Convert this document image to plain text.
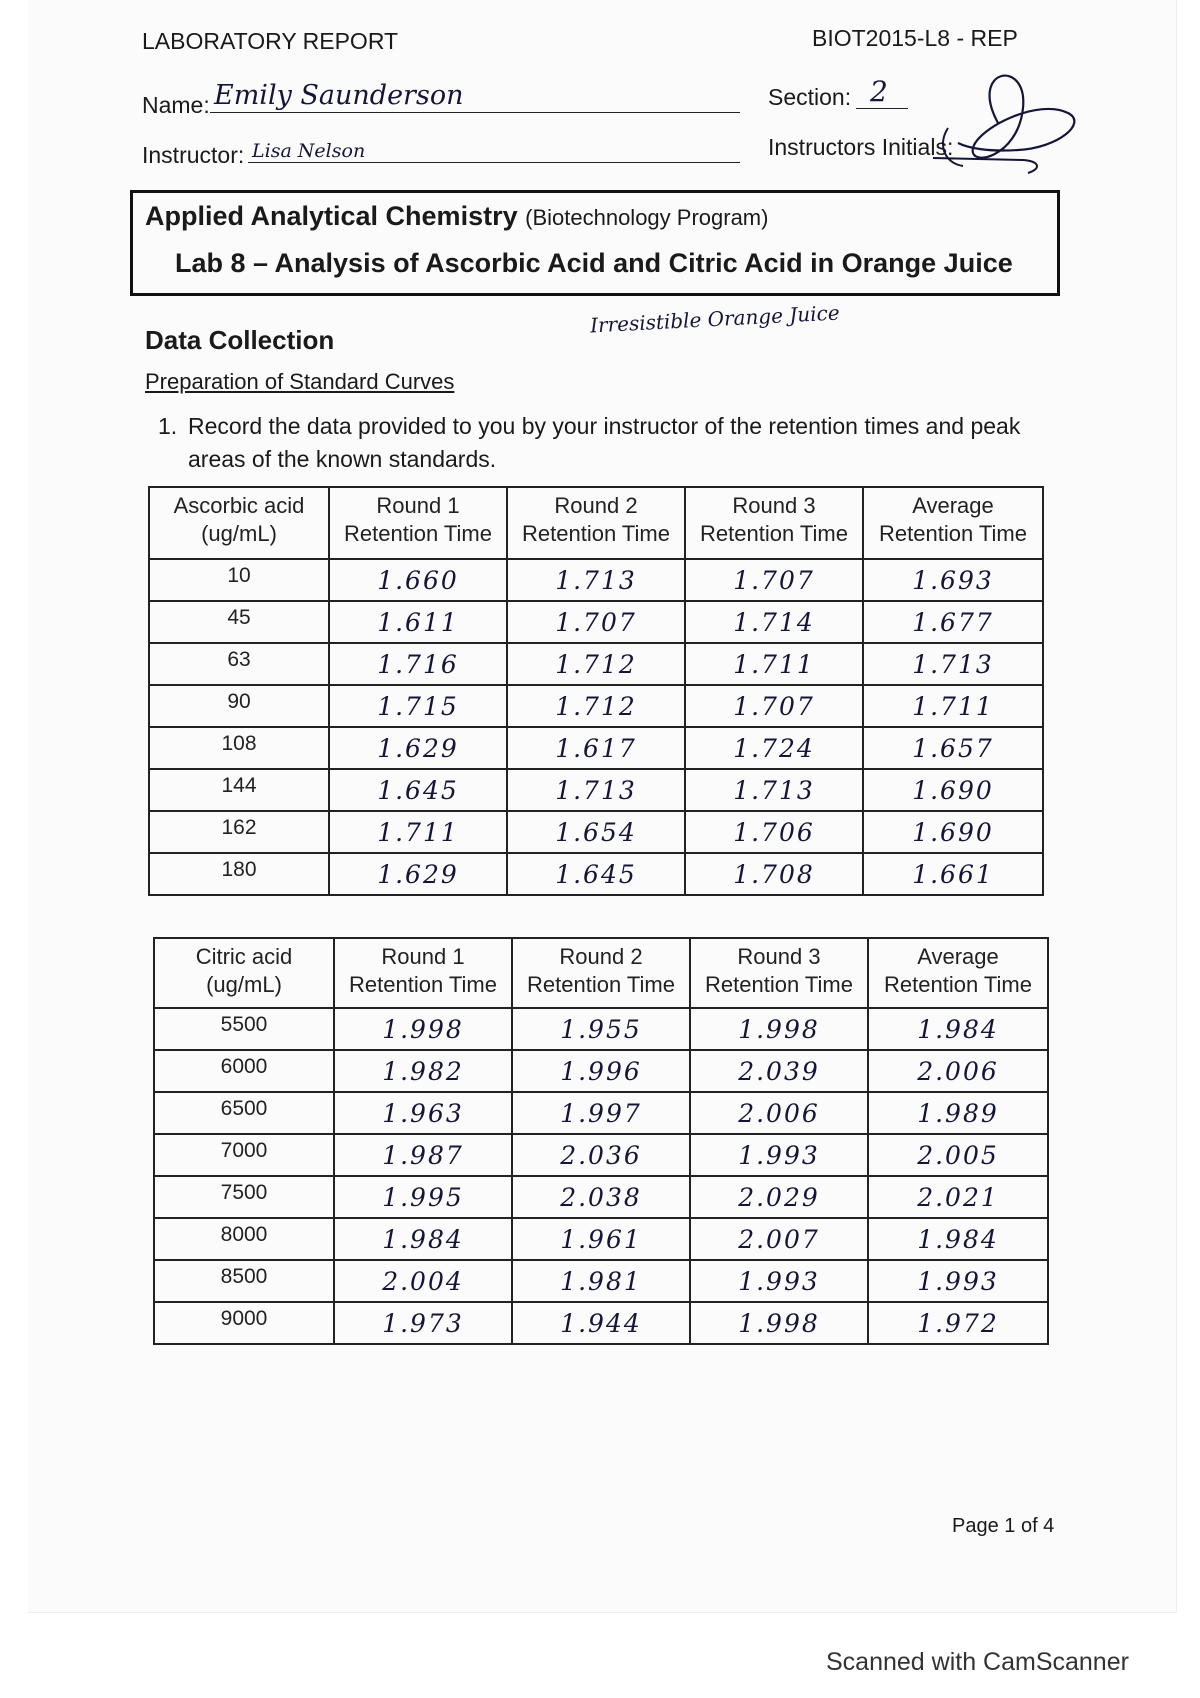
LABORATORY REPORT	BIOT2015-L8 - REP
Name: Emily Saunderson	Section: 2
Instructor: Lisa Nelson	Instructors Initials:
Applied Analytical Chemistry (Biotechnology Program)
Lab 8 – Analysis of Ascorbic Acid and Citric Acid in Orange Juice
Data Collection
Irresistible Orange Juice
Preparation of Standard Curves
1. Record the data provided to you by your instructor of the retention times and peak areas of the known standards.
Ascorbic acid (ug/mL)	Round 1 Retention Time	Round 2 Retention Time	Round 3 Retention Time	Average Retention Time
10	1.660	1.713	1.707	1.693
45	1.611	1.707	1.714	1.677
63	1.716	1.712	1.711	1.713
90	1.715	1.712	1.707	1.711
108	1.629	1.617	1.724	1.657
144	1.645	1.713	1.713	1.690
162	1.711	1.654	1.706	1.690
180	1.629	1.645	1.708	1.661
Citric acid (ug/mL)	Round 1 Retention Time	Round 2 Retention Time	Round 3 Retention Time	Average Retention Time
5500	1.998	1.955	1.998	1.984
6000	1.982	1.996	2.039	2.006
6500	1.963	1.997	2.006	1.989
7000	1.987	2.036	1.993	2.005
7500	1.995	2.038	2.029	2.021
8000	1.984	1.961	2.007	1.984
8500	2.004	1.981	1.993	1.993
9000	1.973	1.944	1.998	1.972
Page 1 of 4
Scanned with CamScanner
